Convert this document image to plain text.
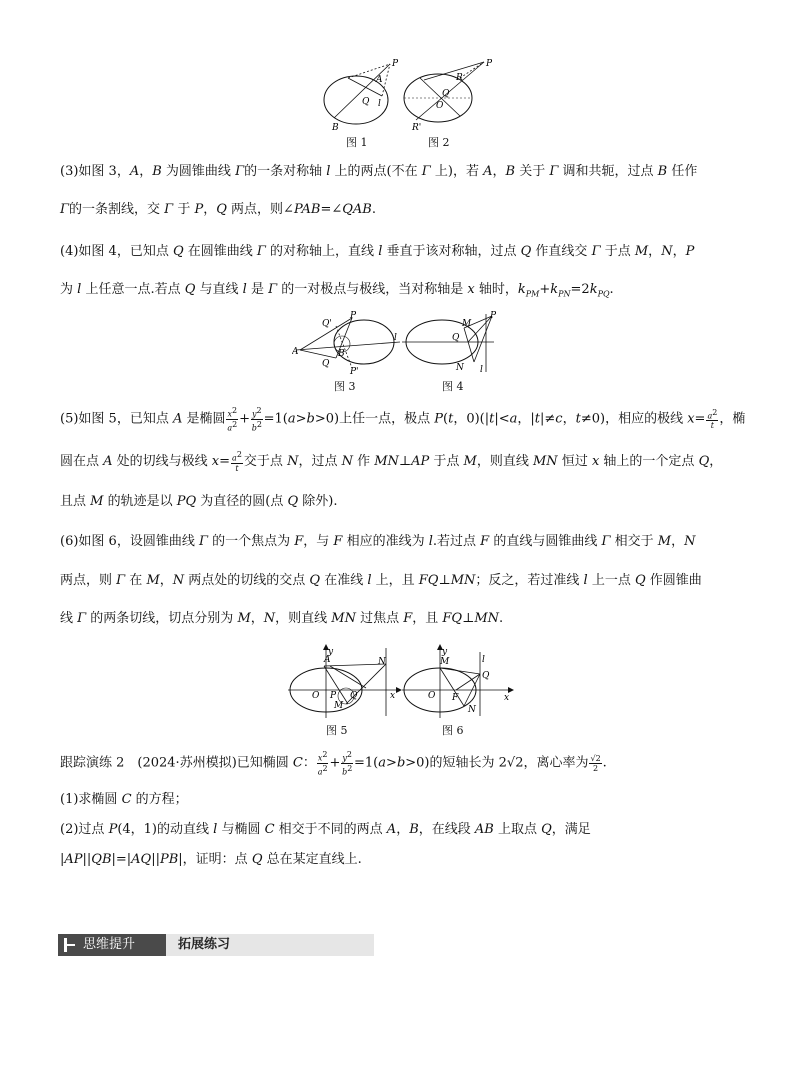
P
A
Q l
B
图 1
P
R
Q
O
R'
图 2
(3)如图 3，A，B 为圆锥曲线 Γ的一条对称轴 l 上的两点(不在 Γ 上)，若 A，B 关于 Γ 调和共轭，过点 B 任作
Γ的一条割线，交 Γ 于 P，Q 两点，则∠PAB=∠QAB.
(4)如图 4，已知点 Q 在圆锥曲线 Γ 的对称轴上，直线 l 垂直于该对称轴，过点 Q 作直线交 Γ 于点 M，N，P
为 l 上任意一点.若点 Q 与直线 l 是 Γ 的一对极点与极线，当对称轴是 x 轴时，$k_{PM}+k_{PN}=2k_{PQ}$.
A
Q'
P
B
Q
P'
l
图 3
M
Q
P
N l
图 4
(5)如图 5，已知点 A 是椭圆 $\frac{x^2}{a^2} + \frac{y^2}{b^2} =1(a>b>0)$上任一点，极点 P(t，0)(|t|<a，|t|≠c，t≠0)，相应的极线 $x= \frac{a^2}{t}$ ，椭
圆在点 A 处的切线与极线 $x= \frac{a^2}{t}$ 交于点 N，过点 N 作 MN⊥AP 于点 M，则直线 MN 恒过 x 轴上的一个定点 Q，
且点 M 的轨迹是以 PQ 为直径的圆(点 Q 除外).
(6)如图 6，设圆锥曲线 Γ 的一个焦点为 F，与 F 相应的准线为 l.若过点 F 的直线与圆锥曲线 Γ 相交于 M，N
两点，则 Γ 在 M，N 两点处的切线的交点 Q 在准线 l 上，且 FQ⊥MN；反之，若过准线 l 上一点 Q 作圆锥曲
线 Γ 的两条切线，切点分别为 M，N，则直线 MN 过焦点 F，且 FQ⊥MN.
A	N
O P Q
M
x
y
图 5
M
Q
l
O F
N
x
y
图 6
跟踪演练 2　(2024·苏州模拟)已知椭圆 C： $\frac{x^2}{a^2} + \frac{y^2}{b^2} =1(a>b>0)$的短轴长为 2√2，离心率为 $\frac{√2}{2}$ .
(1)求椭圆 C 的方程；
(2)过点 P(4，1)的动直线 l 与椭圆 C 相交于不同的两点 A，B，在线段 AB 上取点 Q，满足
|AP||QB|=|AQ||PB|，证明：点 Q 总在某定直线上.
思维提升	拓展练习
